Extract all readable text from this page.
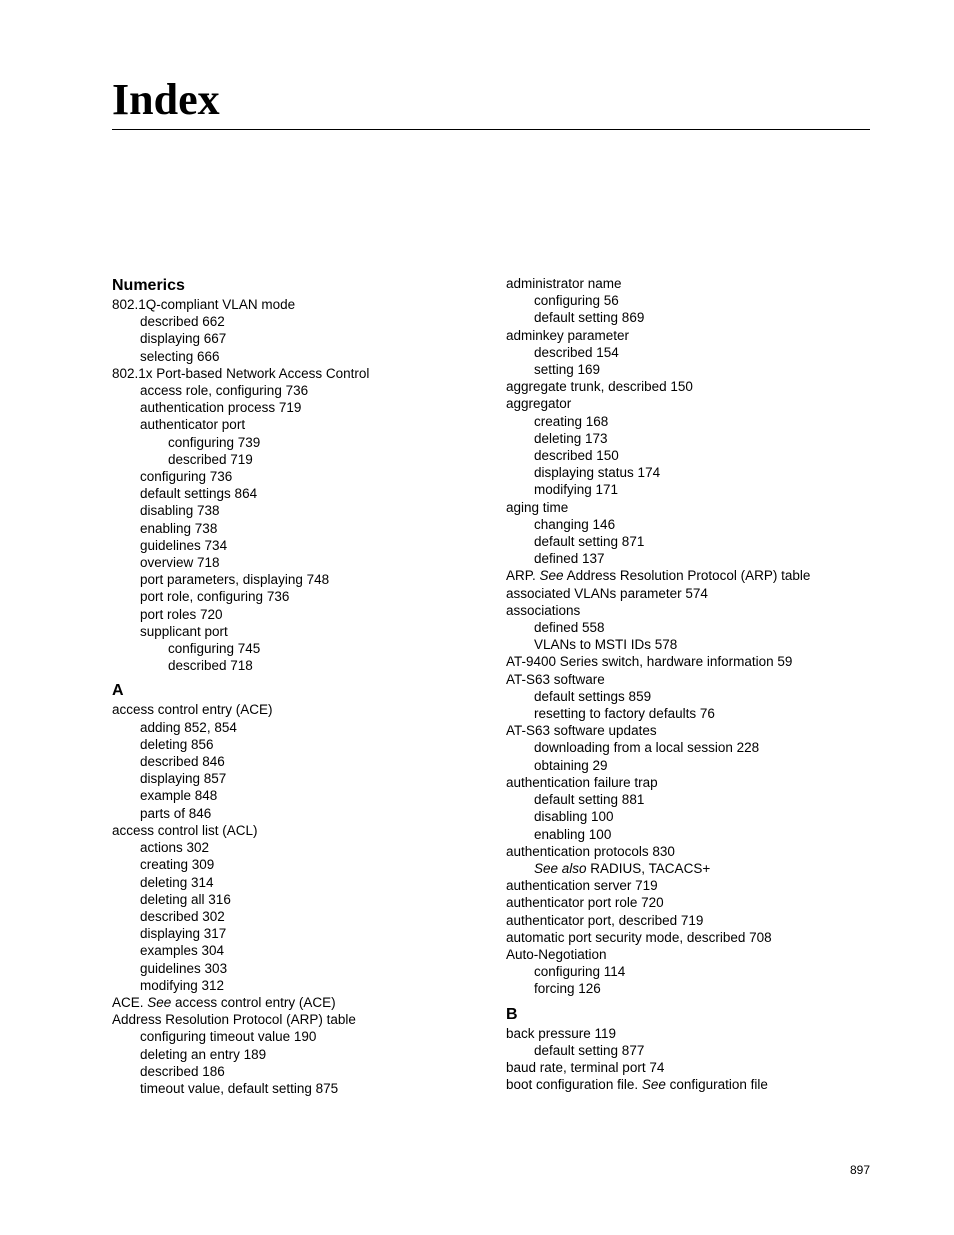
Index
Numerics
802.1Q-compliant VLAN mode
described 662
displaying 667
selecting 666
802.1x Port-based Network Access Control
access role, configuring 736
authentication process 719
authenticator port
configuring 739
described 719
configuring 736
default settings 864
disabling 738
enabling 738
guidelines 734
overview 718
port parameters, displaying 748
port role, configuring 736
port roles 720
supplicant port
configuring 745
described 718
A
access control entry (ACE)
adding 852, 854
deleting 856
described 846
displaying 857
example 848
parts of 846
access control list (ACL)
actions 302
creating 309
deleting 314
deleting all 316
described 302
displaying 317
examples 304
guidelines 303
modifying 312
ACE. See access control entry (ACE)
Address Resolution Protocol (ARP) table
configuring timeout value 190
deleting an entry 189
described 186
timeout value, default setting 875
administrator name
configuring 56
default setting 869
adminkey parameter
described 154
setting 169
aggregate trunk, described 150
aggregator
creating 168
deleting 173
described 150
displaying status 174
modifying 171
aging time
changing 146
default setting 871
defined 137
ARP. See Address Resolution Protocol (ARP) table
associated VLANs parameter 574
associations
defined 558
VLANs to MSTI IDs 578
AT-9400 Series switch, hardware information 59
AT-S63 software
default settings 859
resetting to factory defaults 76
AT-S63 software updates
downloading from a local session 228
obtaining 29
authentication failure trap
default setting 881
disabling 100
enabling 100
authentication protocols 830
See also RADIUS, TACACS+
authentication server 719
authenticator port role 720
authenticator port, described 719
automatic port security mode, described 708
Auto-Negotiation
configuring 114
forcing 126
B
back pressure 119
default setting 877
baud rate, terminal port 74
boot configuration file. See configuration file
897
